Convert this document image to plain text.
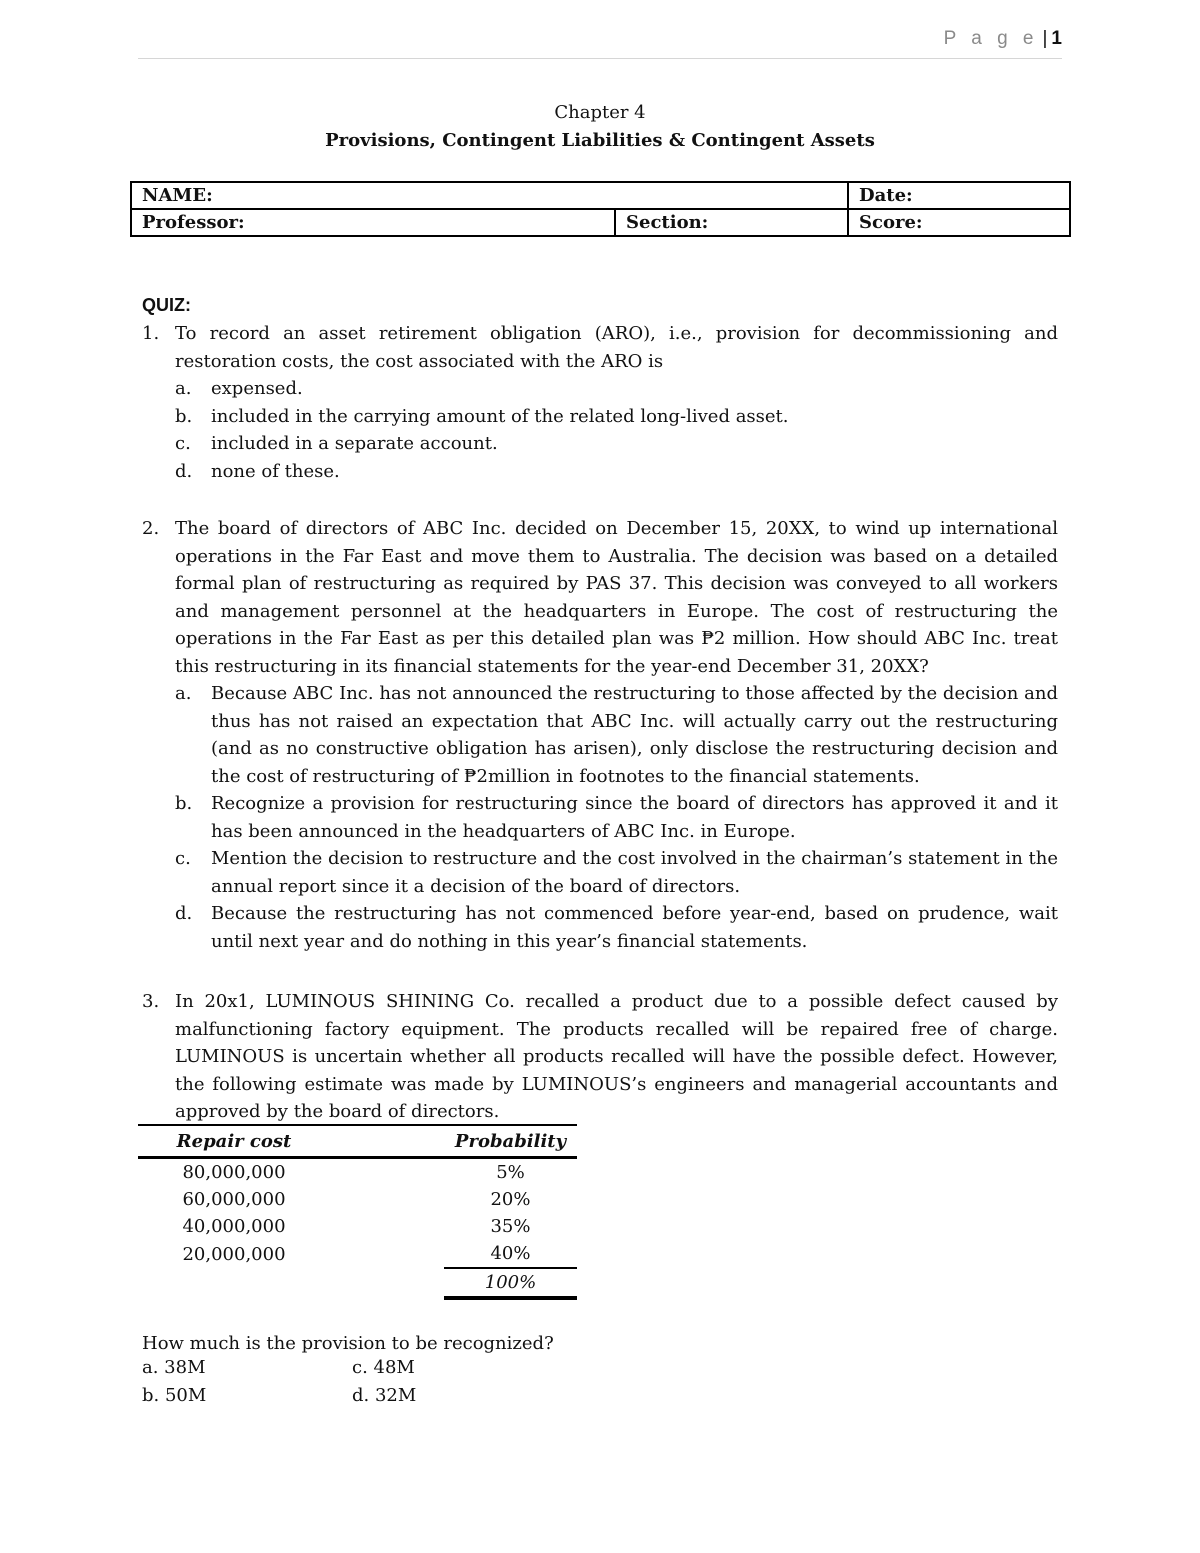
P a g e | 1
Chapter 4
Provisions, Contingent Liabilities & Contingent Assets
NAME:		Date:
Professor:	Section:	Score:
QUIZ:
1. To record an asset retirement obligation (ARO), i.e., provision for decommissioning and restoration costs, the cost associated with the ARO is
a. expensed.
b. included in the carrying amount of the related long-lived asset.
c. included in a separate account.
d. none of these.
2. The board of directors of ABC Inc. decided on December 15, 20XX, to wind up international operations in the Far East and move them to Australia. The decision was based on a detailed formal plan of restructuring as required by PAS 37. This decision was conveyed to all workers and management personnel at the headquarters in Europe. The cost of restructuring the operations in the Far East as per this detailed plan was ₱2 million. How should ABC Inc. treat this restructuring in its financial statements for the year-end December 31, 20XX?
a. Because ABC Inc. has not announced the restructuring to those affected by the decision and thus has not raised an expectation that ABC Inc. will actually carry out the restructuring (and as no constructive obligation has arisen), only disclose the restructuring decision and the cost of restructuring of ₱2million in footnotes to the financial statements.
b. Recognize a provision for restructuring since the board of directors has approved it and it has been announced in the headquarters of ABC Inc. in Europe.
c. Mention the decision to restructure and the cost involved in the chairman’s statement in the annual report since it a decision of the board of directors.
d. Because the restructuring has not commenced before year-end, based on prudence, wait until next year and do nothing in this year’s financial statements.
3. In 20x1, LUMINOUS SHINING Co. recalled a product due to a possible defect caused by malfunctioning factory equipment. The products recalled will be repaired free of charge. LUMINOUS is uncertain whether all products recalled will have the possible defect. However, the following estimate was made by LUMINOUS’s engineers and managerial accountants and approved by the board of directors.
Repair cost		Probability
80,000,000		5%
60,000,000		20%
40,000,000		35%
20,000,000		40%
		100%
How much is the provision to be recognized?
a. 38M	c. 48M
b. 50M	d. 32M
